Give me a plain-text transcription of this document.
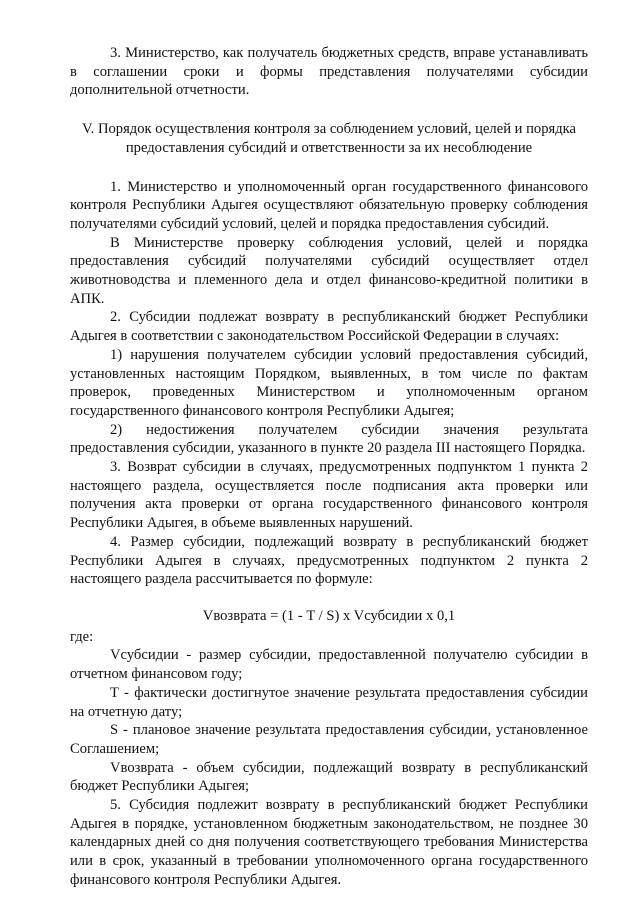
3. Министерство, как получатель бюджетных средств, вправе устанавливать в соглашении сроки и формы представления получателями субсидии дополнительной отчетности.

V. Порядок осуществления контроля за соблюдением условий, целей и порядка предоставления субсидий и ответственности за их несоблюдение

1. Министерство и уполномоченный орган государственного финансового контроля Республики Адыгея осуществляют обязательную проверку соблюдения получателями субсидий условий, целей и порядка предоставления субсидий.

В Министерстве проверку соблюдения условий, целей и порядка предоставления субсидий получателями субсидий осуществляет отдел животноводства и племенного дела и отдел финансово-кредитной политики в АПК.

2. Субсидии подлежат возврату в республиканский бюджет Республики Адыгея в соответствии с законодательством Российской Федерации в случаях:

1) нарушения получателем субсидии условий предоставления субсидий, установленных настоящим Порядком, выявленных, в том числе по фактам проверок, проведенных Министерством и уполномоченным органом государственного финансового контроля Республики Адыгея;

2) недостижения получателем субсидии значения результата предоставления субсидии, указанного в пункте 20 раздела III настоящего Порядка.

3. Возврат субсидии в случаях, предусмотренных подпунктом 1 пункта 2 настоящего раздела, осуществляется после подписания акта проверки или получения акта проверки от органа государственного финансового контроля Республики Адыгея, в объеме выявленных нарушений.

4. Размер субсидии, подлежащий возврату в республиканский бюджет Республики Адыгея в случаях, предусмотренных подпунктом 2 пункта 2 настоящего раздела рассчитывается по формуле:

Vвозврата = (1 - T / S) x Vсубсидии x 0,1

где:

Vсубсидии - размер субсидии, предоставленной получателю субсидии в отчетном финансовом году;

T - фактически достигнутое значение результата предоставления субсидии на отчетную дату;

S - плановое значение результата предоставления субсидии, установленное Соглашением;

Vвозврата - объем субсидии, подлежащий возврату в республиканский бюджет Республики Адыгея;

5. Субсидия подлежит возврату в республиканский бюджет Республики Адыгея в порядке, установленном бюджетным законодательством, не позднее 30 календарных дней со дня получения соответствующего требования Министерства или в срок, указанный в требовании уполномоченного органа государственного финансового контроля Республики Адыгея.
